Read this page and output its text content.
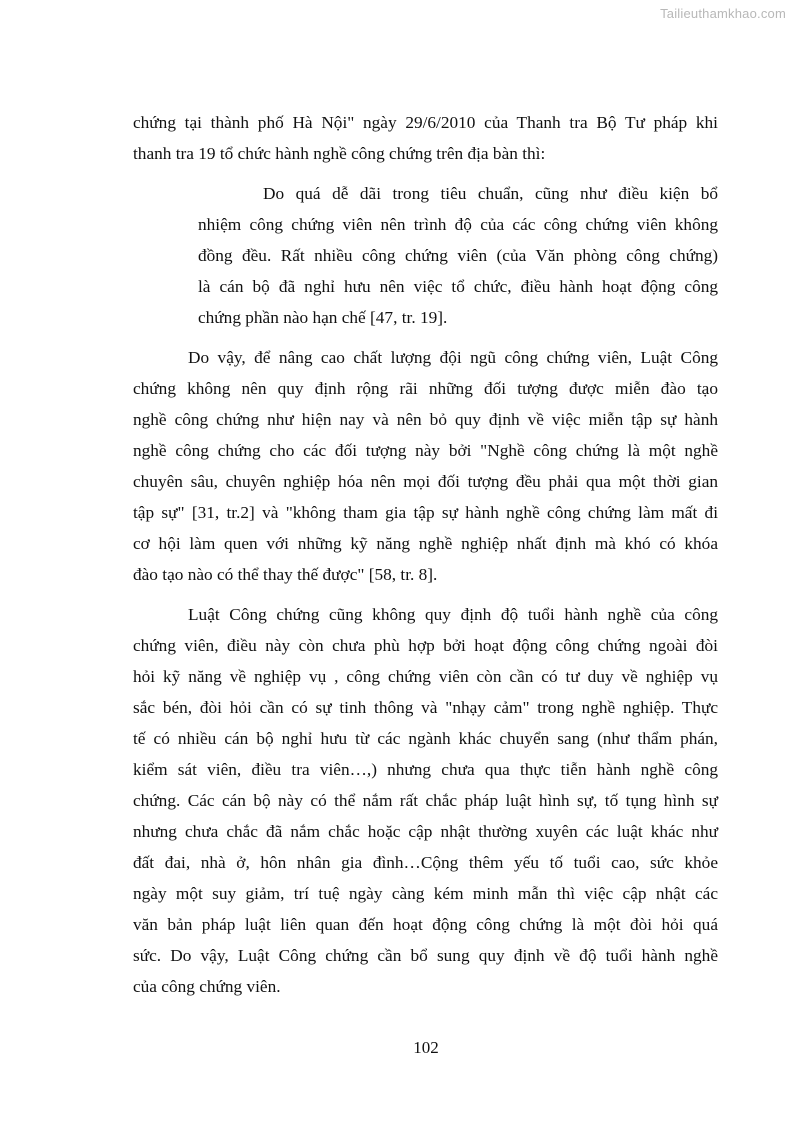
Tailieuthamkhao.com
chứng tại thành phố Hà Nội" ngày 29/6/2010 của Thanh tra Bộ Tư pháp khi
thanh tra 19 tổ chức hành nghề công chứng trên địa bàn thì:
Do quá dễ dãi trong tiêu chuẩn, cũng như điều kiện bổ
nhiệm công chứng viên nên trình độ của các công chứng viên không
đồng đều. Rất nhiều công chứng viên (của Văn phòng công chứng)
là cán bộ đã nghỉ hưu nên việc tổ chức, điều hành hoạt động công
chứng phần nào hạn chế [47, tr. 19].
Do vậy, để nâng cao chất lượng đội ngũ công chứng viên, Luật Công
chứng không nên quy định rộng rãi những đối tượng được miễn đào tạo
nghề công chứng như hiện nay và nên bỏ quy định về việc miễn tập sự hành
nghề công chứng cho các đối tượng này bởi "Nghề công chứng là một nghề
chuyên sâu, chuyên nghiệp hóa nên mọi đối tượng đều phải qua một thời gian
tập sự" [31, tr.2] và "không tham gia tập sự hành nghề công chứng làm mất đi
cơ hội làm quen với những kỹ năng nghề nghiệp nhất định mà khó có khóa
đào tạo nào có thể thay thế được" [58, tr. 8].
Luật Công chứng cũng không quy định độ tuổi hành nghề của công
chứng viên, điều này còn chưa phù hợp bởi hoạt động công chứng ngoài đòi
hỏi kỹ năng về nghiệp vụ , công chứng viên còn cần có tư duy về nghiệp vụ
sắc bén, đòi hỏi cần có sự tinh thông và "nhạy cảm" trong nghề nghiệp. Thực
tế có nhiều cán bộ nghỉ hưu từ các ngành khác chuyển sang (như thẩm phán,
kiểm sát viên, điều tra viên…,) nhưng chưa qua thực tiễn hành nghề công
chứng. Các cán bộ này có thể nắm rất chắc pháp luật hình sự, tố tụng hình sự
nhưng chưa chắc đã nắm chắc hoặc cập nhật thường xuyên các luật khác như
đất đai, nhà ở, hôn nhân gia đình…Cộng thêm yếu tố tuổi cao, sức khỏe
ngày một suy giảm, trí tuệ ngày càng kém minh mẫn thì việc cập nhật các
văn bản pháp luật liên quan đến hoạt động công chứng là một đòi hỏi quá
sức. Do vậy, Luật Công chứng cần bổ sung quy định về độ tuổi hành nghề
của công chứng viên.
102
